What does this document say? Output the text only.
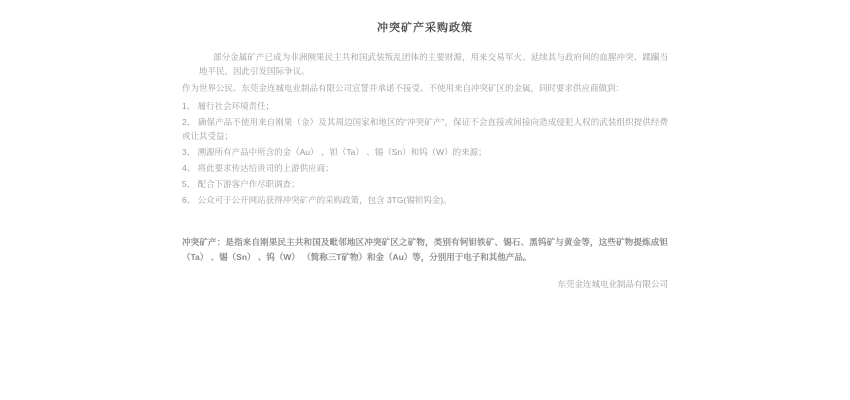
冲突矿产采购政策

部分金属矿产已成为非洲刚果民主共和国武装叛乱团体的主要财源，用来交易军火、延续其与政府间的血腥冲突、蹂躏当地平民，因此引发国际争议。

作为世界公民、东莞金连城电业制品有限公司宣誓并承诺不接受、不使用来自冲突矿区的金属，同时要求供应商做到：

1、 履行社会环境责任；

2、 确保产品不使用来自刚果（金）及其周边国家和地区的“冲突矿产”，保证不会直接或间接向造成侵犯人权的武装组织提供经费或让其受益；

3、 溯源所有产品中所含的金（Au） 、钽（Ta） 、锡（Sn）和钨（W）的来源；

4、 将此要求传达给贵司的上游供应商；

5、 配合下游客户作尽职调查；

6、 公众可于公开网站获得冲突矿产的采购政策，包含 3TG(锡钽钨金)。

冲突矿产：是指来自刚果民主共和国及毗邻地区冲突矿区之矿物，类别有钶钽铁矿、锡石、黑钨矿与黄金等，这些矿物提炼成钽（Ta） 、锡（Sn） 、钨（W） （简称三T矿物）和金（Au）等，分别用于电子和其他产品。

东莞金连城电业制品有限公司
